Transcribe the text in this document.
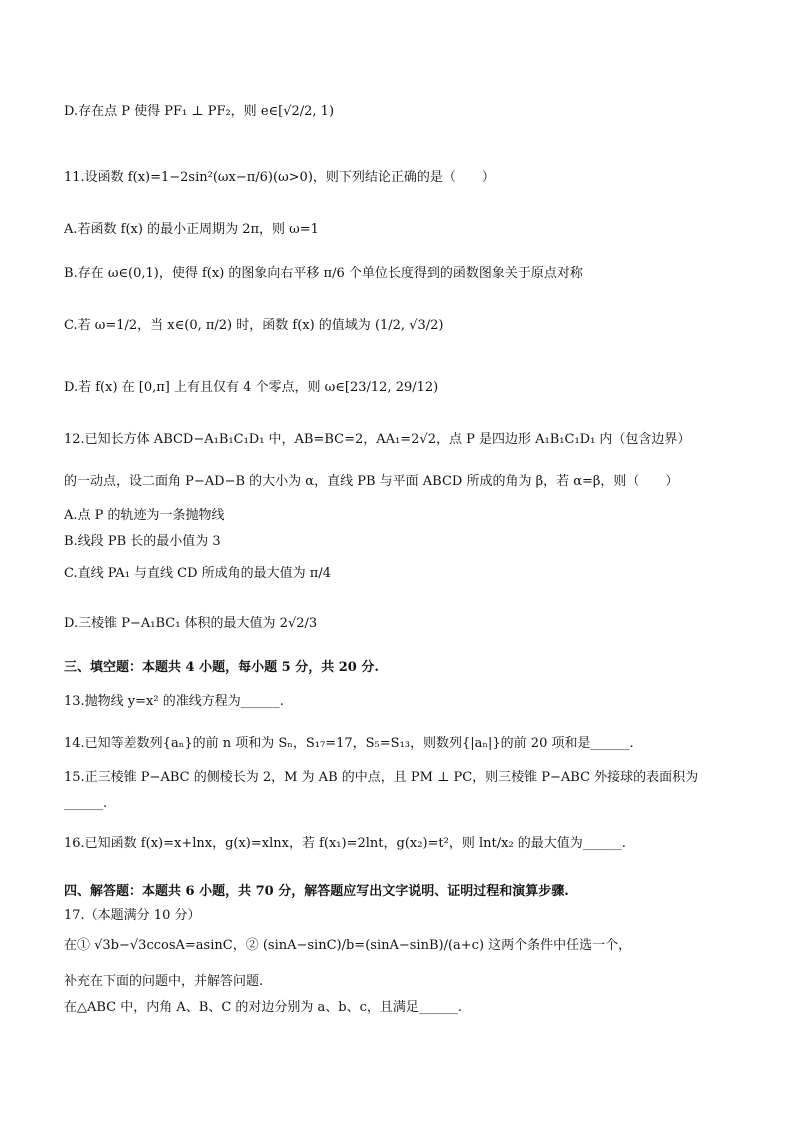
D.存在点 P 使得 PF₁ ⊥ PF₂，则 e∈[√2/2, 1)
11.设函数 f(x)=1−2sin²(ωx−π/6)(ω>0)，则下列结论正确的是（　　）
A.若函数 f(x) 的最小正周期为 2π，则 ω=1
B.存在 ω∈(0,1)，使得 f(x) 的图象向右平移 π/6 个单位长度得到的函数图象关于原点对称
C.若 ω=1/2，当 x∈(0, π/2) 时，函数 f(x) 的值域为 (1/2, √3/2)
D.若 f(x) 在 [0,π] 上有且仅有 4 个零点，则 ω∈[23/12, 29/12)
12.已知长方体 ABCD−A₁B₁C₁D₁ 中，AB=BC=2，AA₁=2√2，点 P 是四边形 A₁B₁C₁D₁ 内（包含边界）
的一动点，设二面角 P−AD−B 的大小为 α，直线 PB 与平面 ABCD 所成的角为 β，若 α=β，则（　　）
A.点 P 的轨迹为一条抛物线
B.线段 PB 长的最小值为 3
C.直线 PA₁ 与直线 CD 所成角的最大值为 π/4
D.三棱锥 P−A₁BC₁ 体积的最大值为 2√2/3
三、填空题：本题共 4 小题，每小题 5 分，共 20 分.
13.抛物线 y=x² 的准线方程为______.
14.已知等差数列{aₙ}的前 n 项和为 Sₙ，S₁₇=17，S₅=S₁₃，则数列{|aₙ|}的前 20 项和是______.
15.正三棱锥 P−ABC 的侧棱长为 2，M 为 AB 的中点，且 PM ⊥ PC，则三棱锥 P−ABC 外接球的表面积为
______.
16.已知函数 f(x)=x+lnx，g(x)=xlnx，若 f(x₁)=2lnt，g(x₂)=t²，则 lnt/x₂ 的最大值为______.
四、解答题：本题共 6 小题，共 70 分，解答题应写出文字说明、证明过程和演算步骤.
17.（本题满分 10 分）
在① √3b−√3ccosA=asinC，② (sinA−sinC)/b=(sinA−sinB)/(a+c) 这两个条件中任选一个，
补充在下面的问题中，并解答问题.
在△ABC 中，内角 A、B、C 的对边分别为 a、b、c，且满足______.
